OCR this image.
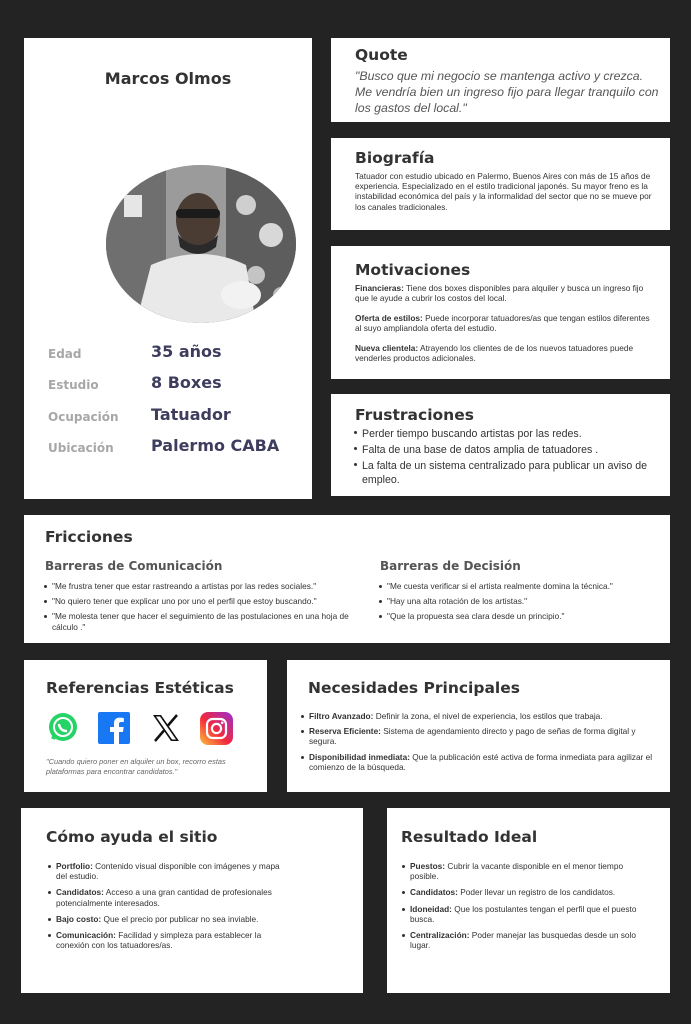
Marcos Olmos
Edad	35 años
Estudio	8 Boxes
Ocupación Tatuador
Ubicación Palermo CABA
Quote
"Busco que mi negocio se mantenga activo y crezca. Me vendría bien un ingreso fijo para llegar tranquilo con los gastos del local."
Biografía
Tatuador con estudio ubicado en Palermo, Buenos Aires con más de 15 años de experiencia. Especializado en el estilo tradicional japonés. Su mayor freno es la instabilidad económica del país y la informalidad del sector que no se mueve por los canales tradicionales.
Motivaciones
Financieras: Tiene dos boxes disponibles para alquiler y busca un ingreso fijo que le ayude a cubrir los costos del local.
Oferta de estilos: Puede incorporar tatuadores/as que tengan estilos diferentes al suyo ampliandola oferta del estudio.
Nueva clientela: Atrayendo los clientes de de los nuevos tatuadores puede venderles productos adicionales.
Frustraciones
Perder tiempo buscando artistas por las redes.
Falta de una base de datos amplia de tatuadores .
La falta de un sistema centralizado para publicar un aviso de empleo.
Fricciones
Barreras de Comunicación
"Me frustra tener que estar rastreando a artistas por las redes sociales."
"No quiero tener que explicar uno por uno el perfil que estoy buscando."
"Me molesta tener que hacer el seguimiento de las postulaciones en una hoja de cálculo ."
Barreras de Decisión
"Me cuesta verificar si el artista realmente domina la técnica."
"Hay una alta rotación de los artistas."
"Que la propuesta sea clara desde un principio."
Referencias Estéticas
"Cuando quiero poner en alquiler un box, recorro estas plataformas para encontrar candidatos."
Necesidades Principales
Filtro Avanzado: Definir la zona, el nivel de experiencia, los estilos que trabaja.
Reserva Eficiente: Sistema de agendamiento directo y pago de señas de forma digital y segura.
Disponibilidad inmediata: Que la publicación esté activa de forma inmediata para agilizar el comienzo de la búsqueda.
Cómo ayuda el sitio
Portfolio: Contenido visual disponible con imágenes y mapa del estudio.
Candidatos: Acceso a una gran cantidad de profesionales potencialmente interesados.
Bajo costo: Que el precio por publicar no sea inviable.
Comunicación: Facilidad y simpleza para establecer la conexión con los tatuadores/as.
Resultado Ideal
Puestos: Cubrir la vacante disponible en el menor tiempo posible.
Candidatos: Poder llevar un registro de los candidatos.
Idoneidad: Que los postulantes tengan el perfil que el puesto busca.
Centralización: Poder manejar las busquedas desde un solo lugar.
